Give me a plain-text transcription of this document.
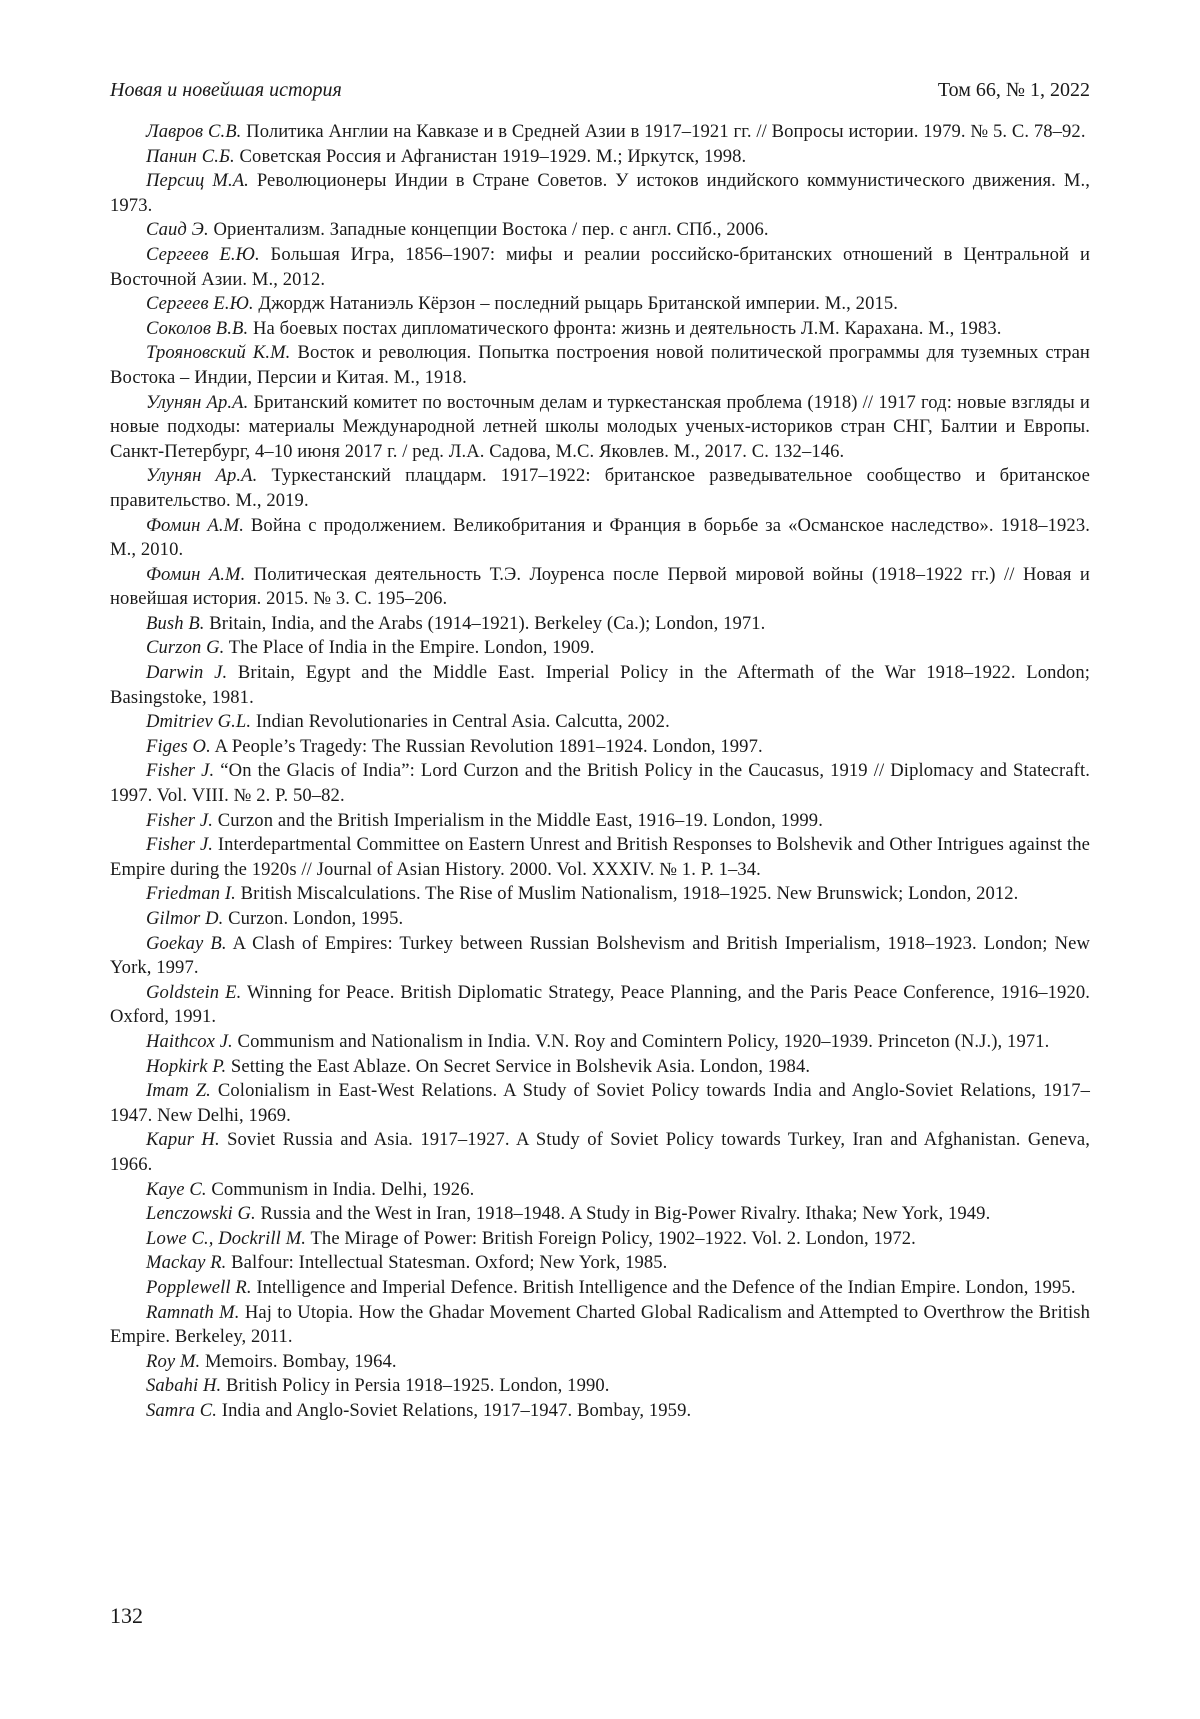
Новая и новейшая история	Том 66, № 1, 2022

Лавров С.В. Политика Англии на Кавказе и в Средней Азии в 1917–1921 гг. // Вопросы истории. 1979. № 5. С. 78–92.

Панин С.Б. Советская Россия и Афганистан 1919–1929. М.; Иркутск, 1998.

Персиц М.А. Революционеры Индии в Стране Советов. У истоков индийского коммунистического движения. М., 1973.

Саид Э. Ориентализм. Западные концепции Востока / пер. с англ. СПб., 2006.

Сергеев Е.Ю. Большая Игра, 1856–1907: мифы и реалии российско-британских отношений в Центральной и Восточной Азии. М., 2012.

Сергеев Е.Ю. Джордж Натаниэль Кёрзон – последний рыцарь Британской империи. М., 2015.

Соколов В.В. На боевых постах дипломатического фронта: жизнь и деятельность Л.М. Карахана. М., 1983.

Трояновский К.М. Восток и революция. Попытка построения новой политической программы для туземных стран Востока – Индии, Персии и Китая. М., 1918.

Улунян Ар.А. Британский комитет по восточным делам и туркестанская проблема (1918) // 1917 год: новые взгляды и новые подходы: материалы Международной летней школы молодых ученых-историков стран СНГ, Балтии и Европы. Санкт-Петербург, 4–10 июня 2017 г. / ред. Л.А. Садова, М.С. Яковлев. М., 2017. С. 132–146.

Улунян Ар.А. Туркестанский плацдарм. 1917–1922: британское разведывательное сообщество и британское правительство. М., 2019.

Фомин А.М. Война с продолжением. Великобритания и Франция в борьбе за «Османское наследство». 1918–1923. М., 2010.

Фомин А.М. Политическая деятельность Т.Э. Лоуренса после Первой мировой войны (1918–1922 гг.) // Новая и новейшая история. 2015. № 3. С. 195–206.

Bush B. Britain, India, and the Arabs (1914–1921). Berkeley (Ca.); London, 1971.

Curzon G. The Place of India in the Empire. London, 1909.

Darwin J. Britain, Egypt and the Middle East. Imperial Policy in the Aftermath of the War 1918–1922. London; Basingstoke, 1981.

Dmitriev G.L. Indian Revolutionaries in Central Asia. Calcutta, 2002.

Figes O. A People’s Tragedy: The Russian Revolution 1891–1924. London, 1997.

Fisher J. “On the Glacis of India”: Lord Curzon and the British Policy in the Caucasus, 1919 // Diplomacy and Statecraft. 1997. Vol. VIII. № 2. P. 50–82.

Fisher J. Curzon and the British Imperialism in the Middle East, 1916–19. London, 1999.

Fisher J. Interdepartmental Committee on Eastern Unrest and British Responses to Bolshevik and Other Intrigues against the Empire during the 1920s // Journal of Asian History. 2000. Vol. XXXIV. № 1. P. 1–34.

Friedman I. British Miscalculations. The Rise of Muslim Nationalism, 1918–1925. New Brunswick; London, 2012.

Gilmor D. Curzon. London, 1995.

Goekay B. A Clash of Empires: Turkey between Russian Bolshevism and British Imperialism, 1918–1923. London; New York, 1997.

Goldstein E. Winning for Peace. British Diplomatic Strategy, Peace Planning, and the Paris Peace Conference, 1916–1920. Oxford, 1991.

Haithcox J. Communism and Nationalism in India. V.N. Roy and Comintern Policy, 1920–1939. Princeton (N.J.), 1971.

Hopkirk P. Setting the East Ablaze. On Secret Service in Bolshevik Asia. London, 1984.

Imam Z. Colonialism in East-West Relations. A Study of Soviet Policy towards India and Anglo-Soviet Relations, 1917–1947. New Delhi, 1969.

Kapur H. Soviet Russia and Asia. 1917–1927. A Study of Soviet Policy towards Turkey, Iran and Afghanistan. Geneva, 1966.

Kaye C. Communism in India. Delhi, 1926.

Lenczowski G. Russia and the West in Iran, 1918–1948. A Study in Big-Power Rivalry. Ithaka; New York, 1949.

Lowe C., Dockrill M. The Mirage of Power: British Foreign Policy, 1902–1922. Vol. 2. London, 1972.

Mackay R. Balfour: Intellectual Statesman. Oxford; New York, 1985.

Popplewell R. Intelligence and Imperial Defence. British Intelligence and the Defence of the Indian Empire. London, 1995.

Ramnath M. Haj to Utopia. How the Ghadar Movement Charted Global Radicalism and Attempted to Overthrow the British Empire. Berkeley, 2011.

Roy M. Memoirs. Bombay, 1964.

Sabahi H. British Policy in Persia 1918–1925. London, 1990.

Samra C. India and Anglo-Soviet Relations, 1917–1947. Bombay, 1959.

132
